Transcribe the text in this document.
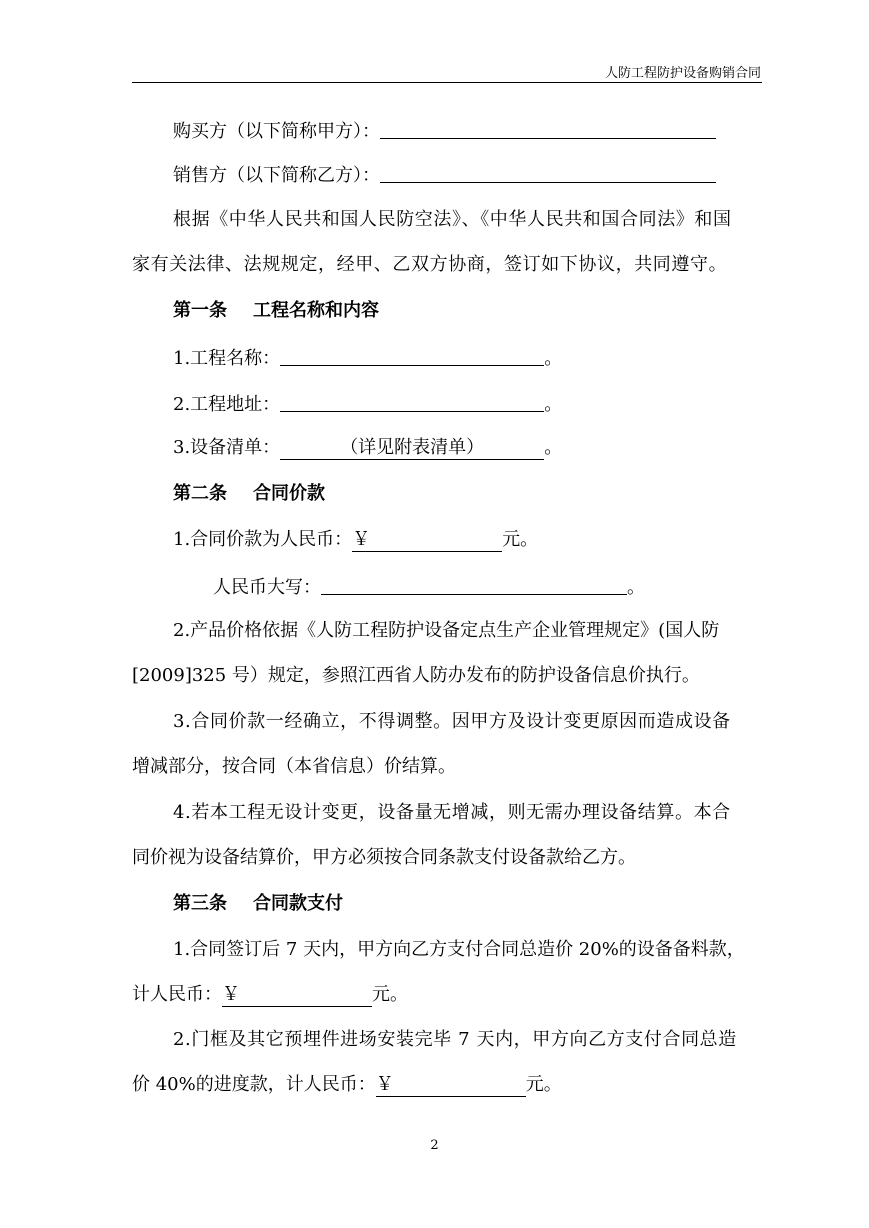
人防工程防护设备购销合同
购买方（以下简称甲方）：
销售方（以下简称乙方）：
根据《中华人民共和国人民防空法》、《中华人民共和国合同法》和国
家有关法律、法规规定，经甲、乙双方协商，签订如下协议，共同遵守。
第一条 工程名称和内容
1.工程名称：	。
2.工程地址：	。
3.设备清单：	（详见附表清单）	。
第二条 合同价款
1.合同价款为人民币：￥	元。
人民币大写：	。
2.产品价格依据《人防工程防护设备定点生产企业管理规定》(国人防
[2009]325 号）规定，参照江西省人防办发布的防护设备信息价执行。
3.合同价款一经确立，不得调整。因甲方及设计变更原因而造成设备
增减部分，按合同（本省信息）价结算。
4.若本工程无设计变更，设备量无增减，则无需办理设备结算。本合
同价视为设备结算价，甲方必须按合同条款支付设备款给乙方。
第三条 合同款支付
1.合同签订后 7 天内，甲方向乙方支付合同总造价 20%的设备备料款，
计人民币：￥	元。
2.门框及其它预埋件进场安装完毕 7 天内，甲方向乙方支付合同总造
价 40%的进度款，计人民币：￥	元。
2
